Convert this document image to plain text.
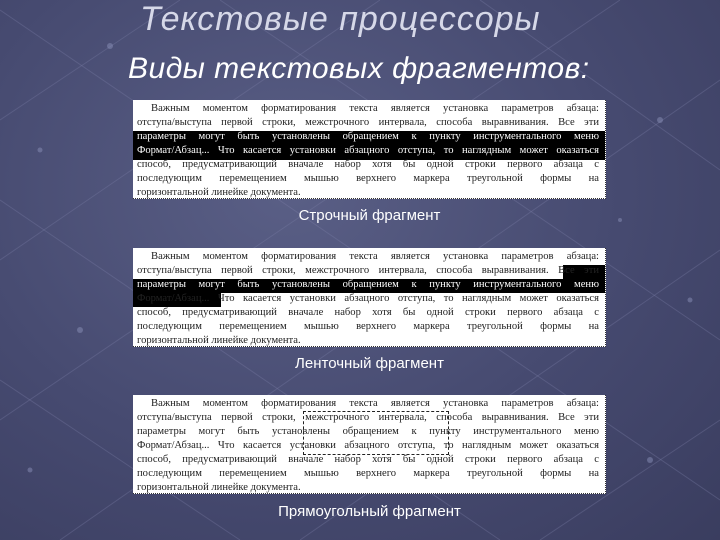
Текстовые процессоры
Виды текстовых фрагментов:
Важным моментом форматирования текста является установка параметров абзаца:
отступа/выступа первой строки, межстрочного интервала, способа выравнивания. Все эти
параметры могут быть установлены обращением к пункту инструментального меню
Формат/Абзац... Что касается установки абзацного отступа, то наглядным может оказаться
способ, предусматривающий вначале набор хотя бы одной строки первого абзаца с
последующим перемещением мышью верхнего маркера треугольной формы на
горизонтальной линейке документа.
Строчный фрагмент
Важным моментом форматирования текста является установка параметров абзаца:
отступа/выступа первой строки, межстрочного интервала, способа выравнивания. Все эти
параметры могут быть установлены обращением к пункту инструментального меню
Формат/Абзац... Что касается установки абзацного отступа, то наглядным может оказаться
способ, предусматривающий вначале набор хотя бы одной строки первого абзаца с
последующим перемещением мышью верхнего маркера треугольной формы на
горизонтальной линейке документа.
Ленточный фрагмент
Важным моментом форматирования текста является установка параметров абзаца:
отступа/выступа первой строки, межстрочного интервала, способа выравнивания. Все эти
параметры могут быть установлены обращением к пункту инструментального меню
Формат/Абзац... Что касается установки абзацного отступа, то наглядным может оказаться
способ, предусматривающий вначале набор хотя бы одной строки первого абзаца с
последующим перемещением мышью верхнего маркера треугольной формы на
горизонтальной линейке документа.
Прямоугольный фрагмент
